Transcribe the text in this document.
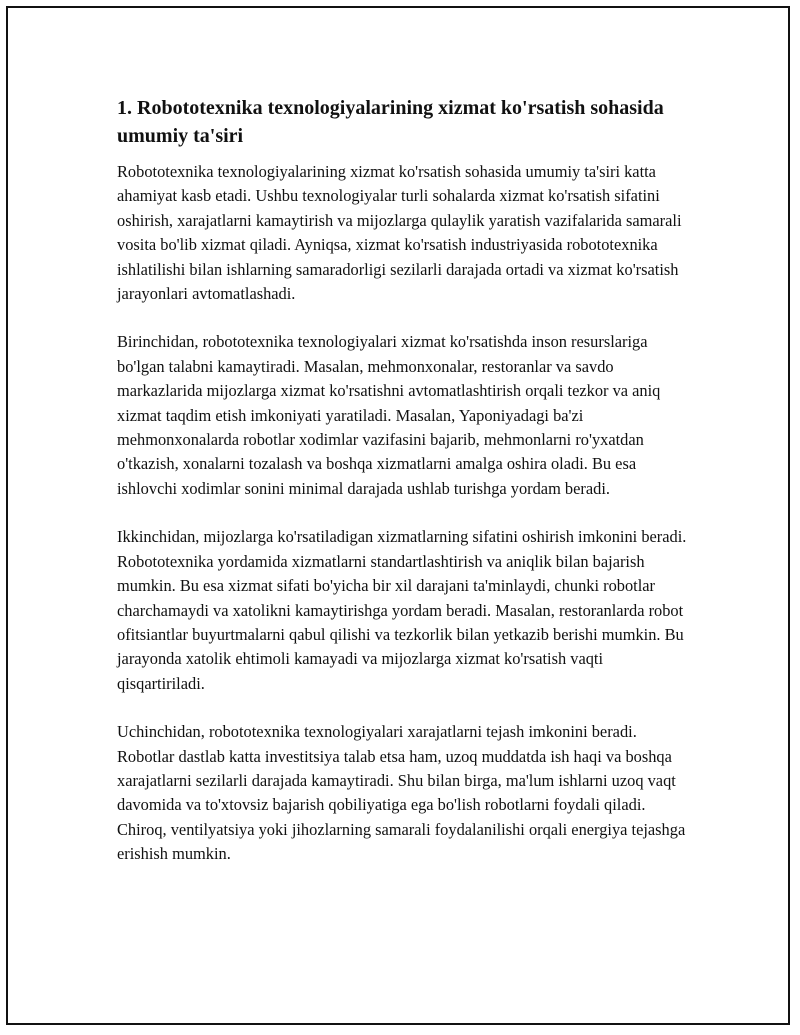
1. Robototexnika texnologiyalarining xizmat ko'rsatish sohasida umumiy ta'siri

Robototexnika texnologiyalarining xizmat ko'rsatish sohasida umumiy ta'siri katta ahamiyat kasb etadi. Ushbu texnologiyalar turli sohalarda xizmat ko'rsatish sifatini oshirish, xarajatlarni kamaytirish va mijozlarga qulaylik yaratish vazifalarida samarali vosita bo'lib xizmat qiladi. Ayniqsa, xizmat ko'rsatish industriyasida robototexnika ishlatilishi bilan ishlarning samaradorligi sezilarli darajada ortadi va xizmat ko'rsatish jarayonlari avtomatlashadi.

Birinchidan, robototexnika texnologiyalari xizmat ko'rsatishda inson resurslariga bo'lgan talabni kamaytiradi. Masalan, mehmonxonalar, restoranlar va savdo markazlarida mijozlarga xizmat ko'rsatishni avtomatlashtirish orqali tezkor va aniq xizmat taqdim etish imkoniyati yaratiladi. Masalan, Yaponiyadagi ba'zi mehmonxonalarda robotlar xodimlar vazifasini bajarib, mehmonlarni ro'yxatdan o'tkazish, xonalarni tozalash va boshqa xizmatlarni amalga oshira oladi. Bu esa ishlovchi xodimlar sonini minimal darajada ushlab turishga yordam beradi.

Ikkinchidan, mijozlarga ko'rsatiladigan xizmatlarning sifatini oshirish imkonini beradi. Robototexnika yordamida xizmatlarni standartlashtirish va aniqlik bilan bajarish mumkin. Bu esa xizmat sifati bo'yicha bir xil darajani ta'minlaydi, chunki robotlar charchamaydi va xatolikni kamaytirishga yordam beradi. Masalan, restoranlarda robot ofitsiantlar buyurtmalarni qabul qilishi va tezkorlik bilan yetkazib berishi mumkin. Bu jarayonda xatolik ehtimoli kamayadi va mijozlarga xizmat ko'rsatish vaqti qisqartiriladi.

Uchinchidan, robototexnika texnologiyalari xarajatlarni tejash imkonini beradi. Robotlar dastlab katta investitsiya talab etsa ham, uzoq muddatda ish haqi va boshqa xarajatlarni sezilarli darajada kamaytiradi. Shu bilan birga, ma'lum ishlarni uzoq vaqt davomida va to'xtovsiz bajarish qobiliyatiga ega bo'lish robotlarni foydali qiladi. Chiroq, ventilyatsiya yoki jihozlarning samarali foydalanilishi orqali energiya tejashga erishish mumkin.
